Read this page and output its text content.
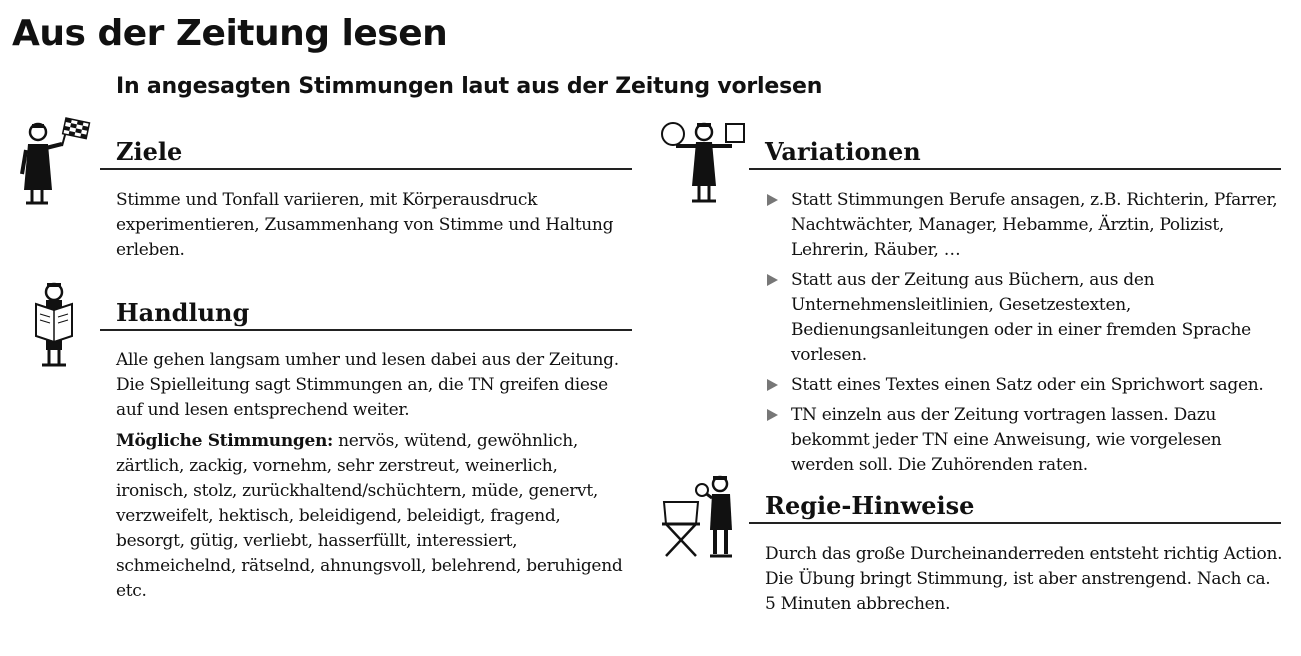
Aus der Zeitung lesen
In angesagten Stimmungen laut aus der Zeitung vorlesen
Ziele

Stimme und Tonfall variieren, mit Körperausdruck experimentieren, Zusammenhang von Stimme und Haltung erleben.

Handlung

Alle gehen langsam umher und lesen dabei aus der Zeitung. Die Spielleitung sagt Stimmungen an, die TN greifen diese auf und lesen entsprechend weiter.

Mögliche Stimmungen: nervös, wütend, gewöhnlich, zärtlich, zackig, vornehm, sehr zerstreut, weinerlich, ironisch, stolz, zurückhaltend/schüchtern, müde, genervt, verzweifelt, hektisch, beleidigend, beleidigt, fragend, besorgt, gütig, verliebt, hasserfüllt, interessiert, schmeichelnd, rätselnd, ahnungsvoll, belehrend, beruhigend etc.

Variationen
Statt Stimmungen Berufe ansagen, z.B. Richterin, Pfarrer, Nachtwächter, Manager, Hebamme, Ärztin, Polizist, Lehrerin, Räuber, …
Statt aus der Zeitung aus Büchern, aus den Unternehmensleitlinien, Gesetzestexten, Bedienungsanleitungen oder in einer fremden Sprache vorlesen.
Statt eines Textes einen Satz oder ein Sprichwort sagen.
TN einzeln aus der Zeitung vortragen lassen. Dazu bekommt jeder TN eine Anweisung, wie vorgelesen werden soll. Die Zuhörenden raten.
Regie-Hinweise

Durch das große Durcheinanderreden entsteht richtig Action. Die Übung bringt Stimmung, ist aber anstrengend. Nach ca. 5 Minuten abbrechen.
